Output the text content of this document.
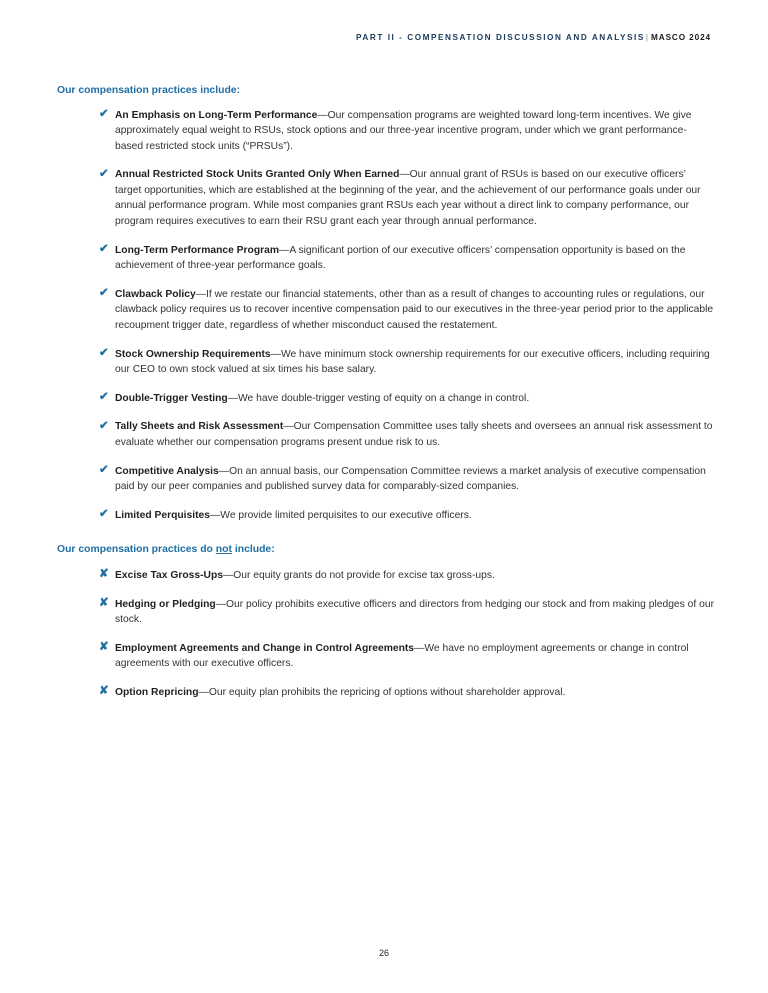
PART II - COMPENSATION DISCUSSION AND ANALYSIS| MASCO 2024
Our compensation practices include:
✔ An Emphasis on Long-Term Performance—Our compensation programs are weighted toward long-term incentives. We give approximately equal weight to RSUs, stock options and our three-year incentive program, under which we grant performance-based restricted stock units (“PRSUs”).
✔ Annual Restricted Stock Units Granted Only When Earned—Our annual grant of RSUs is based on our executive officers’ target opportunities, which are established at the beginning of the year, and the achievement of our performance goals under our annual performance program. While most companies grant RSUs each year without a direct link to company performance, our program requires executives to earn their RSU grant each year through annual performance.
✔ Long-Term Performance Program—A significant portion of our executive officers’ compensation opportunity is based on the achievement of three-year performance goals.
✔ Clawback Policy—If we restate our financial statements, other than as a result of changes to accounting rules or regulations, our clawback policy requires us to recover incentive compensation paid to our executives in the three-year period prior to the applicable recoupment trigger date, regardless of whether misconduct caused the restatement.
✔ Stock Ownership Requirements—We have minimum stock ownership requirements for our executive officers, including requiring our CEO to own stock valued at six times his base salary.
✔ Double-Trigger Vesting—We have double-trigger vesting of equity on a change in control.
✔ Tally Sheets and Risk Assessment—Our Compensation Committee uses tally sheets and oversees an annual risk assessment to evaluate whether our compensation programs present undue risk to us.
✔ Competitive Analysis—On an annual basis, our Compensation Committee reviews a market analysis of executive compensation paid by our peer companies and published survey data for comparably-sized companies.
✔ Limited Perquisites—We provide limited perquisites to our executive officers.
Our compensation practices do not include:
✘ Excise Tax Gross-Ups—Our equity grants do not provide for excise tax gross-ups.
✘ Hedging or Pledging—Our policy prohibits executive officers and directors from hedging our stock and from making pledges of our stock.
✘ Employment Agreements and Change in Control Agreements—We have no employment agreements or change in control agreements with our executive officers.
✘ Option Repricing—Our equity plan prohibits the repricing of options without shareholder approval.
26
